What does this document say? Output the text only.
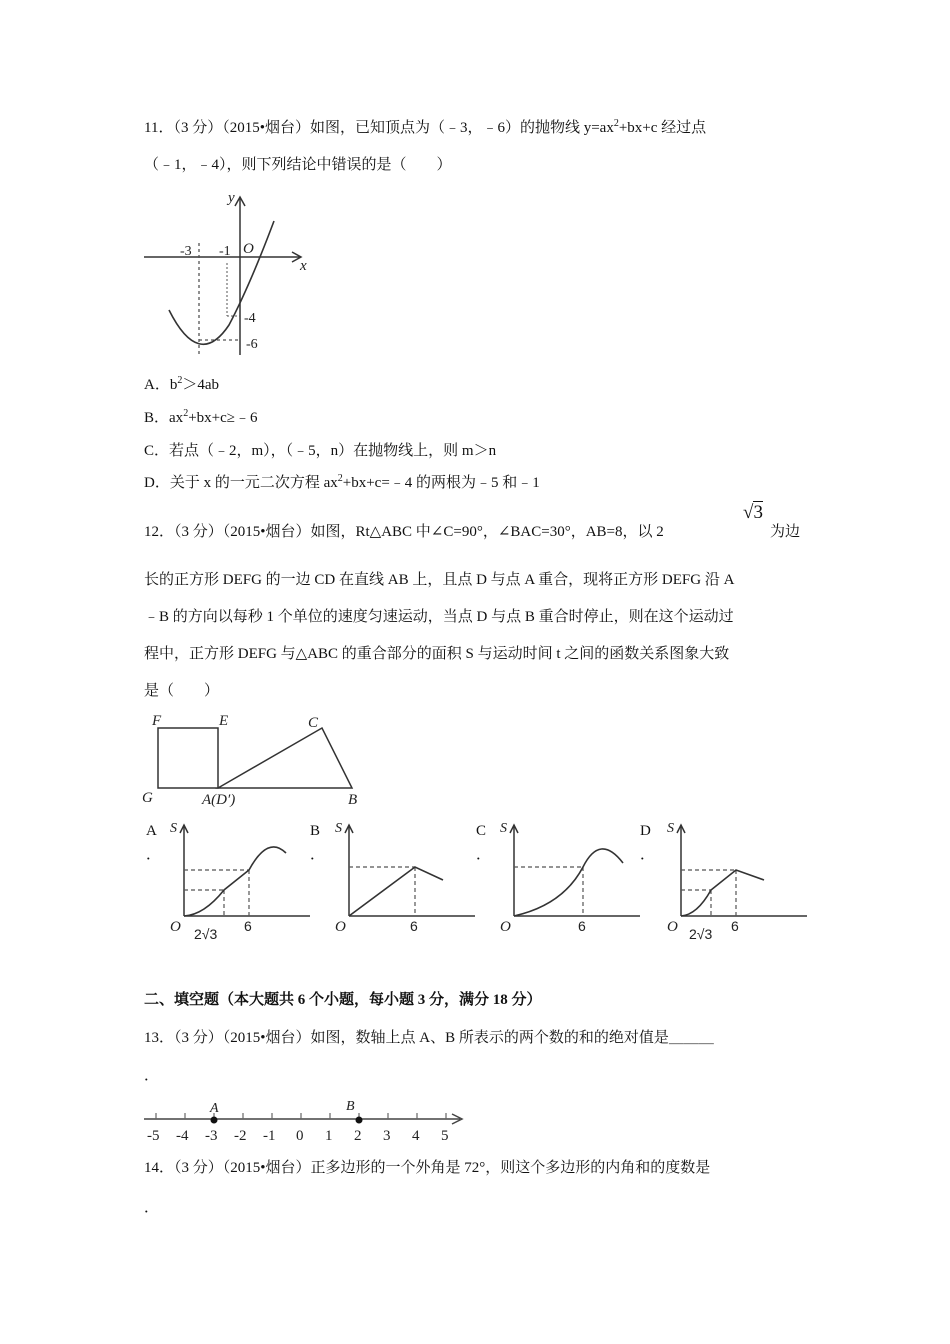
11．（3 分）（2015•烟台）如图，已知顶点为（﹣3，﹣6）的抛物线 $y=ax^2+bx+c$ 经过点
（﹣1，﹣4），则下列结论中错误的是（　　）
-3 -1 O
x
y
-4
-6
A．$b^2>4ab$
B．$ax^2+bx+c\ge﹣6$
C．若点（﹣2，m），（﹣5，n）在抛物线上，则 m＞n
D．关于 x 的一元二次方程 $ax^2+bx+c=﹣4$ 的两根为﹣5 和﹣1
12．（3 分）（2015•烟台）如图，Rt△ABC 中∠C=90°，∠BAC=30°，AB=8，以 2
√3
为边
长的正方形 DEFG 的一边 CD 在直线 AB 上，且点 D 与点 A 重合，现将正方形 DEFG 沿 A
﹣B 的方向以每秒 1 个单位的速度匀速运动，当点 D 与点 B 重合时停止，则在这个运动过
程中，正方形 DEFG 与△ABC 的重合部分的面积 S 与运动时间 t 之间的函数关系图象大致
是（　　）
F	E	C
G	A(D′)	B
A
．
S
O 2√3 6
B
．
S
O	6
C
．
S
O	6
D
．
S
O 2√3 6
二、填空题（本大题共 6 个小题，每小题 3 分，满分 18 分）
13．（3 分）（2015•烟台）如图，数轴上点 A、B 所表示的两个数的和的绝对值是＿＿＿
．
A	B
-5 -4 -3 -2 -1 0 1 2 3 4 5
14．（3 分）（2015•烟台）正多边形的一个外角是 72°，则这个多边形的内角和的度数是
．
